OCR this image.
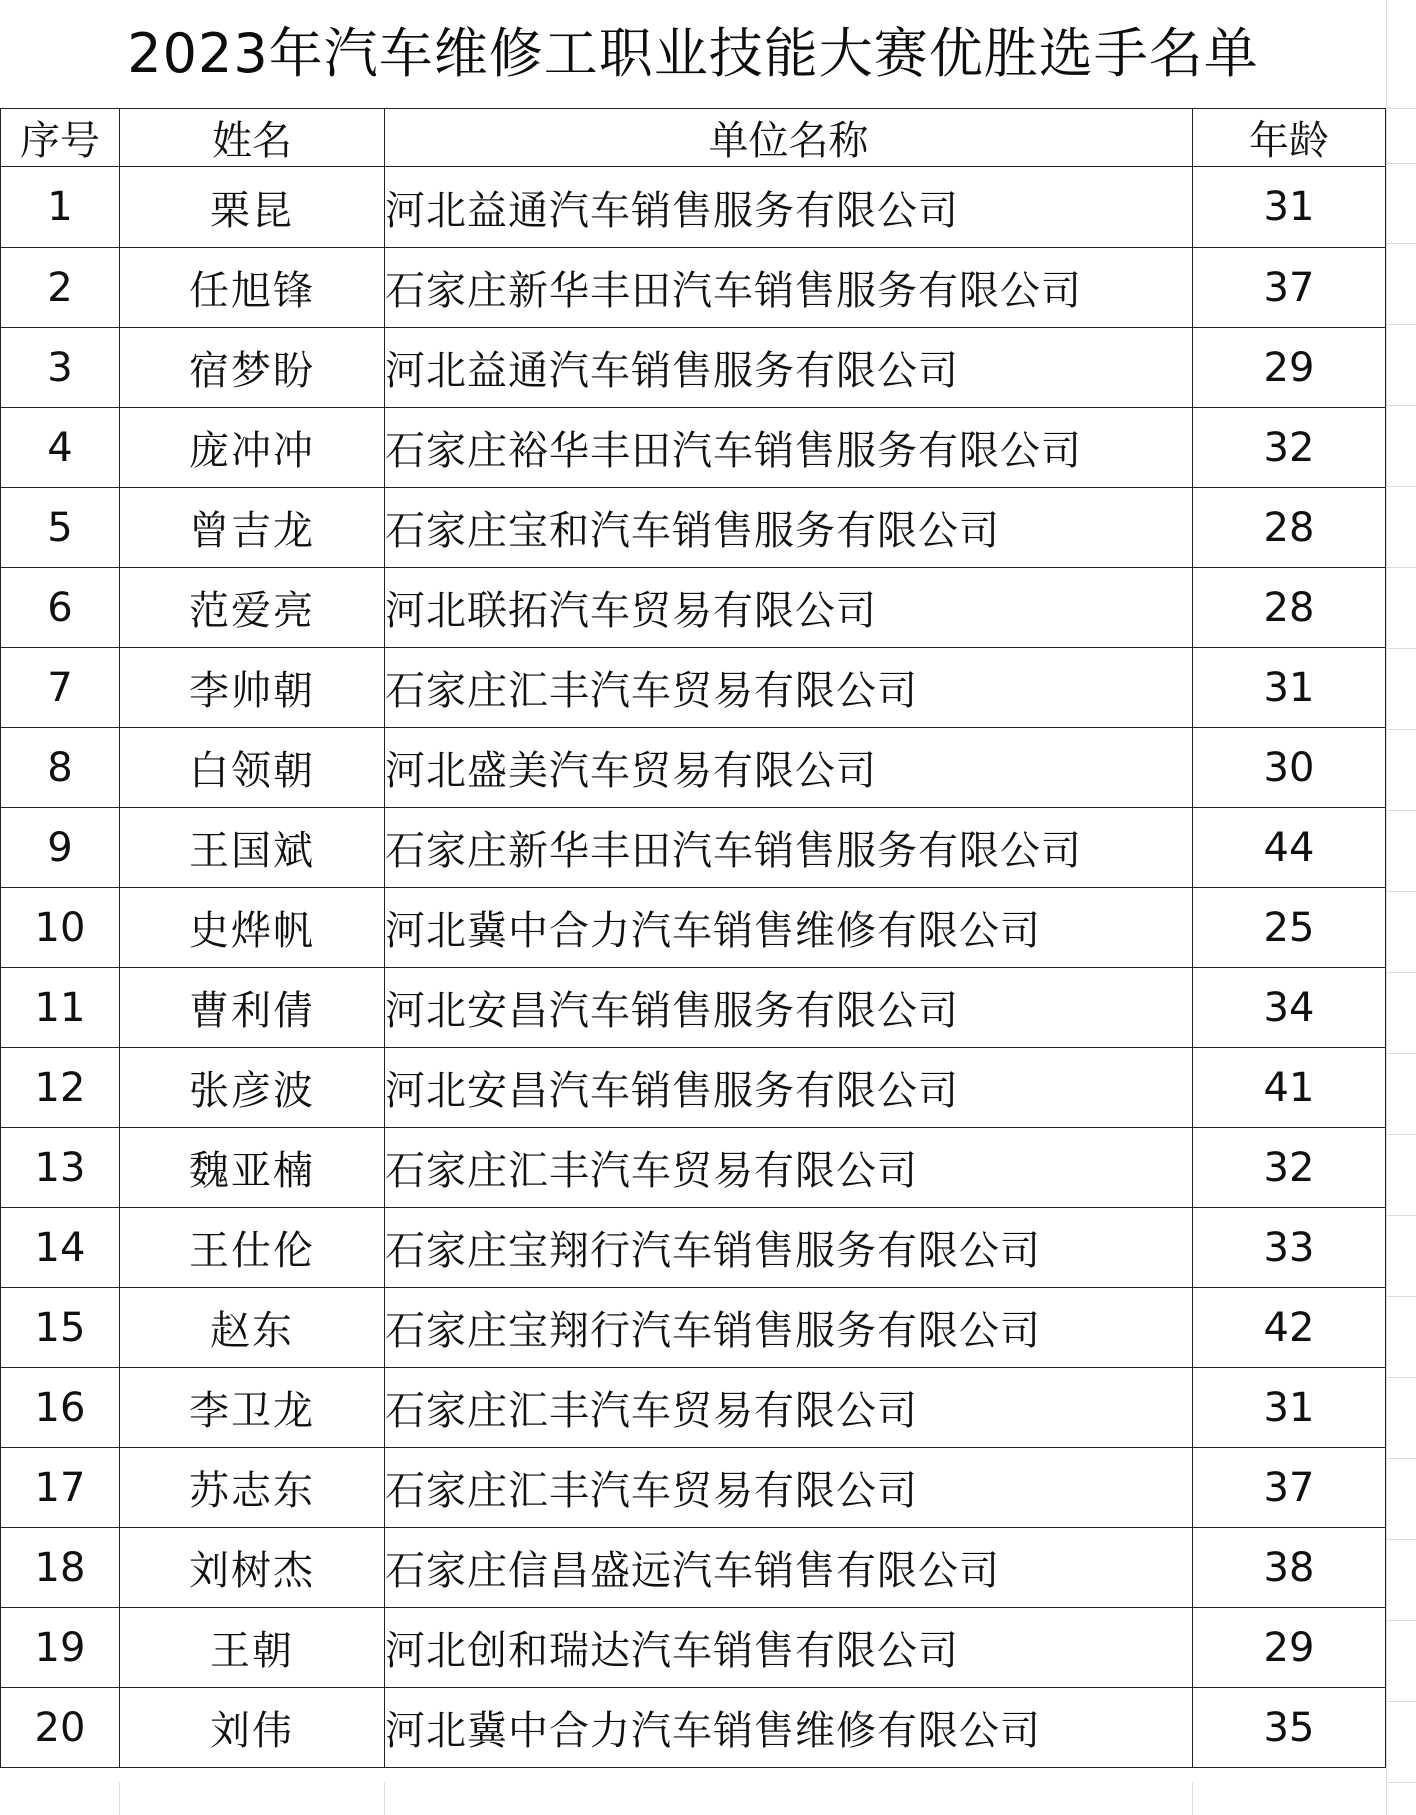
2023年汽车维修工职业技能大赛优胜选手名单
序号	姓名	单位名称	年龄
1	栗昆	河北益通汽车销售服务有限公司	31
2	任旭锋	石家庄新华丰田汽车销售服务有限公司	37
3	宿梦盼	河北益通汽车销售服务有限公司	29
4	庞冲冲	石家庄裕华丰田汽车销售服务有限公司	32
5	曾吉龙	石家庄宝和汽车销售服务有限公司	28
6	范爱亮	河北联拓汽车贸易有限公司	28
7	李帅朝	石家庄汇丰汽车贸易有限公司	31
8	白领朝	河北盛美汽车贸易有限公司	30
9	王国斌	石家庄新华丰田汽车销售服务有限公司	44
10	史烨帆	河北冀中合力汽车销售维修有限公司	25
11	曹利倩	河北安昌汽车销售服务有限公司	34
12	张彦波	河北安昌汽车销售服务有限公司	41
13	魏亚楠	石家庄汇丰汽车贸易有限公司	32
14	王仕伦	石家庄宝翔行汽车销售服务有限公司	33
15	赵东	石家庄宝翔行汽车销售服务有限公司	42
16	李卫龙	石家庄汇丰汽车贸易有限公司	31
17	苏志东	石家庄汇丰汽车贸易有限公司	37
18	刘树杰	石家庄信昌盛远汽车销售有限公司	38
19	王朝	河北创和瑞达汽车销售有限公司	29
20	刘伟	河北冀中合力汽车销售维修有限公司	35
